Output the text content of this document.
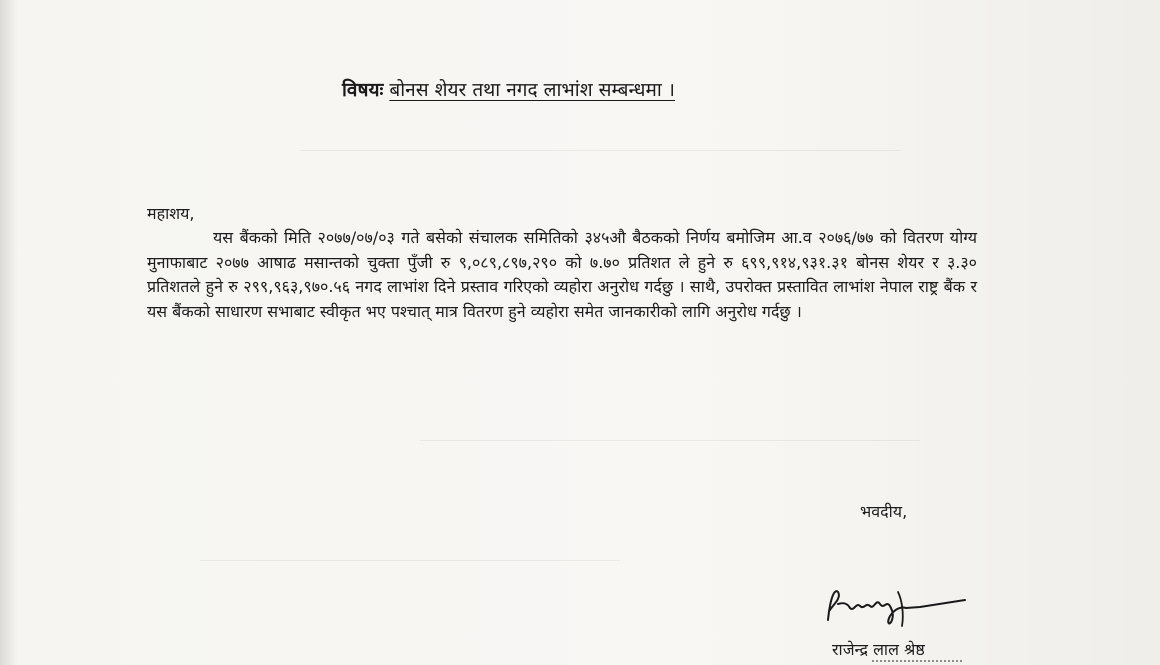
विषयः बोनस शेयर तथा नगद लाभांश सम्बन्धमा ।
महाशय,
यस बैंकको मिति २०७७/०७/०३ गते बसेको संचालक समितिको ३४५औ बैठकको निर्णय बमोजिम आ.व २०७६/७७ को वितरण योग्य मुनाफाबाट २०७७ आषाढ मसान्तको चुक्ता पुँजी रु ९,०८९,८९७,२९० को ७.७० प्रतिशत ले हुने रु ६९९,९१४,९३१.३१ बोनस शेयर र ३.३० प्रतिशतले हुने रु २९९,९६३,९७०.५६ नगद लाभांश दिने प्रस्ताव गरिएको व्यहोरा अनुरोध गर्दछु । साथै, उपरोक्त प्रस्तावित लाभांश नेपाल राष्ट्र बैंक र यस बैंकको साधारण सभाबाट स्वीकृत भए पश्चात् मात्र वितरण हुने व्यहोरा समेत जानकारीको लागि अनुरोध गर्दछु ।
भवदीय,
राजेन्द्र लाल श्रेष्ठ
